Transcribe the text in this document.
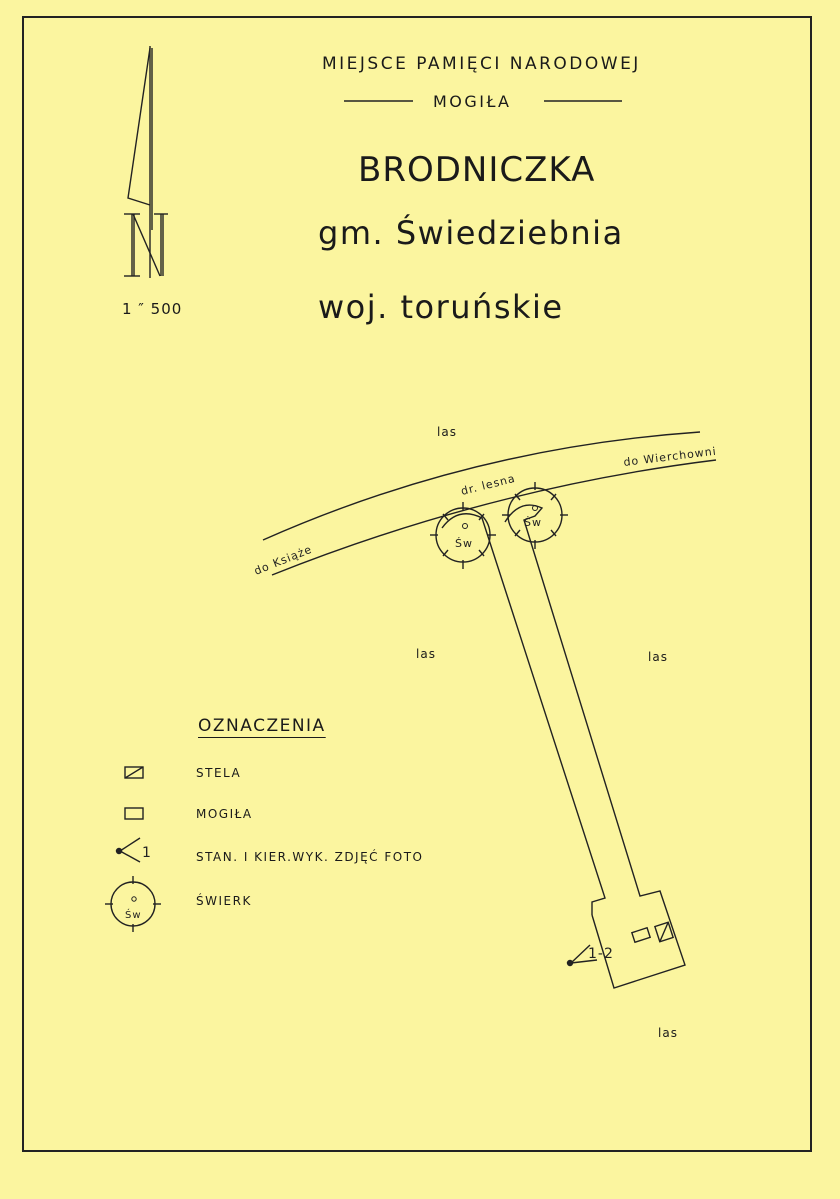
do Książe
do Wierchowni
dr. lesna
Św
Św
Św
1
1-2
MIEJSCE PAMIĘCI NARODOWEJ
MOGIŁA
BRODNICZKA
gm. Świedziebnia
woj. toruńskie
1 ″ 500
las
las	las
las
OZNACZENIA
STELA
MOGIŁA
STAN. I KIER.WYK. ZDJĘĆ FOTO
ŚWIERK
